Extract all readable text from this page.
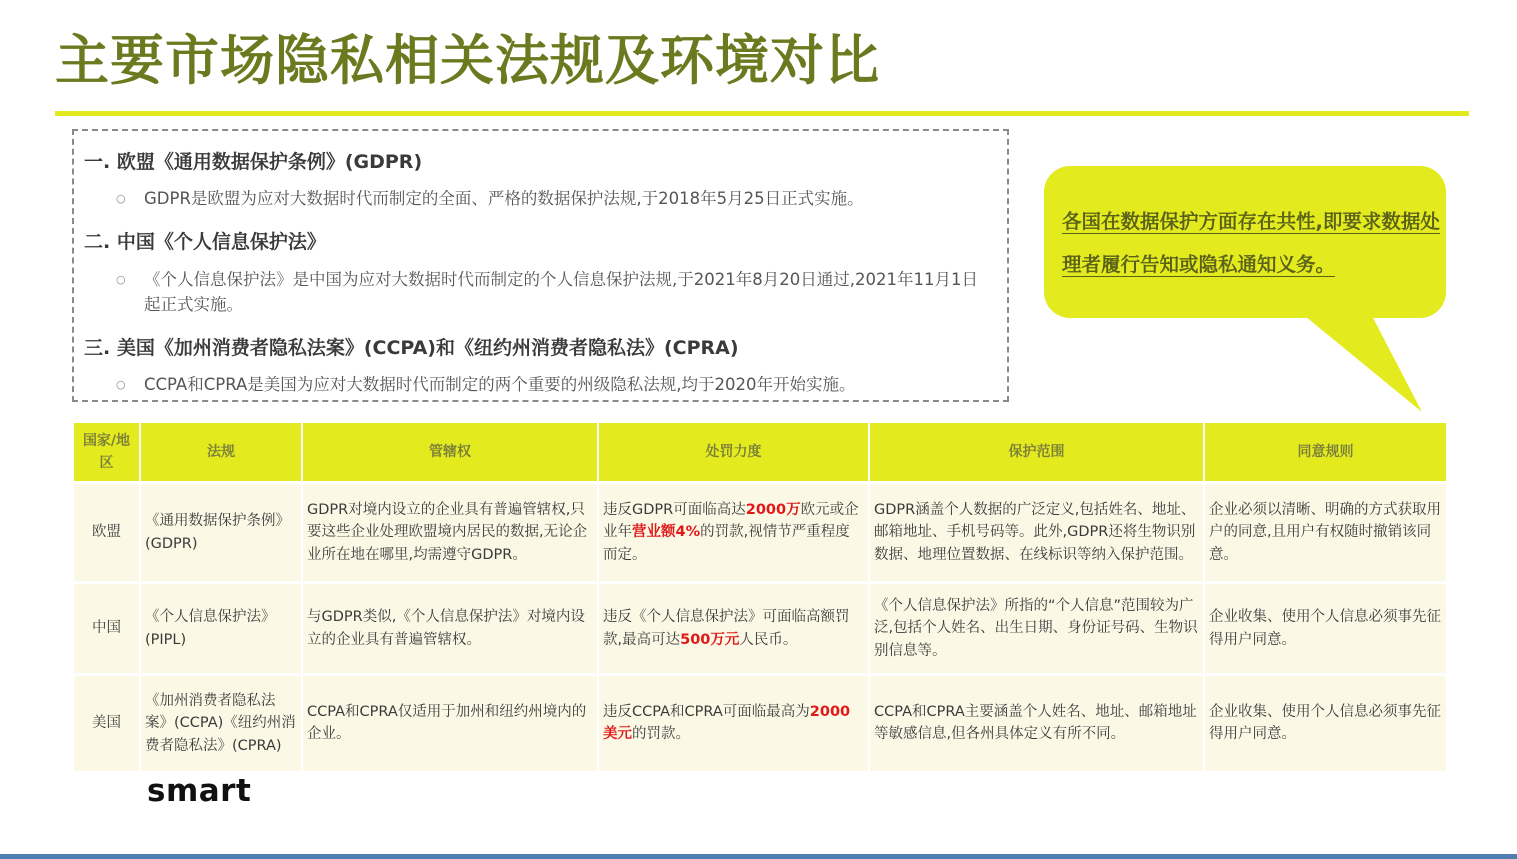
主要市场隐私相关法规及环境对比
一. 欧盟《通用数据保护条例》(GDPR)
○ GDPR是欧盟为应对大数据时代而制定的全面、严格的数据保护法规,于2018年5月25日正式实施。
二. 中国《个人信息保护法》
○ 《个人信息保护法》是中国为应对大数据时代而制定的个人信息保护法规,于2021年8月20日通过,2021年11月1日起正式实施。
三. 美国《加州消费者隐私法案》(CCPA)和《纽约州消费者隐私法》(CPRA)
○ CCPA和CPRA是美国为应对大数据时代而制定的两个重要的州级隐私法规,均于2020年开始实施。
各国在数据保护方面存在共性,即要求数据处理者履行告知或隐私通知义务。
国家/地区	法规	管辖权	处罚力度	保护范围	同意规则
欧盟	《通用数据保护条例》(GDPR)	GDPR对境内设立的企业具有普遍管辖权,只要这些企业处理欧盟境内居民的数据,无论企业所在地在哪里,均需遵守GDPR。	违反GDPR可面临高达2000万欧元或企业年营业额4%的罚款,视情节严重程度而定。	GDPR涵盖个人数据的广泛定义,包括姓名、地址、邮箱地址、手机号码等。此外,GDPR还将生物识别数据、地理位置数据、在线标识等纳入保护范围。	企业必须以清晰、明确的方式获取用户的同意,且用户有权随时撤销该同意。
中国	《个人信息保护法》(PIPL)	与GDPR类似,《个人信息保护法》对境内设立的企业具有普遍管辖权。	违反《个人信息保护法》可面临高额罚款,最高可达500万元人民币。	《个人信息保护法》所指的“个人信息”范围较为广泛,包括个人姓名、出生日期、身份证号码、生物识别信息等。	企业收集、使用个人信息必须事先征得用户同意。
美国	《加州消费者隐私法案》(CCPA)《纽约州消费者隐私法》(CPRA)	CCPA和CPRA仅适用于加州和纽约州境内的企业。	违反CCPA和CPRA可面临最高为2000美元的罚款。	CCPA和CPRA主要涵盖个人姓名、地址、邮箱地址等敏感信息,但各州具体定义有所不同。	企业收集、使用个人信息必须事先征得用户同意。
smart
